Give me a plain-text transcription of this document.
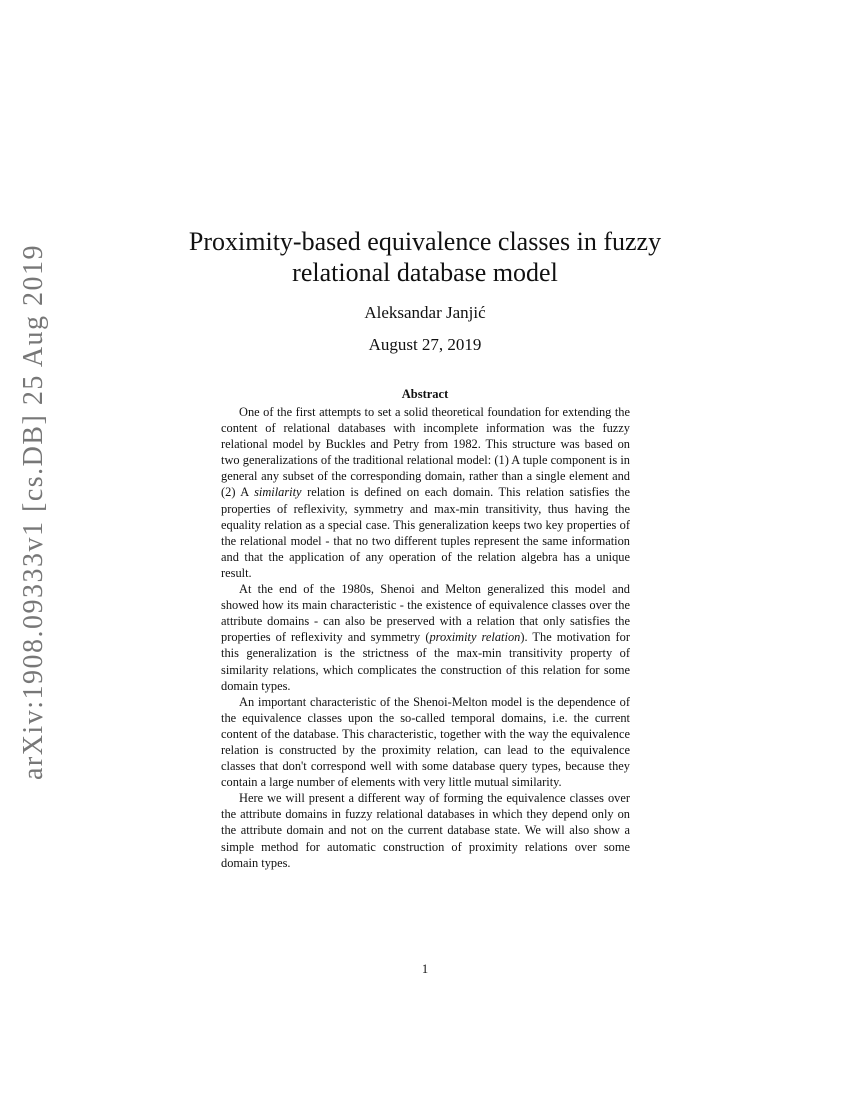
arXiv:1908.09333v1 [cs.DB] 25 Aug 2019
Proximity-based equivalence classes in fuzzy
relational database model
Aleksandar Janjić
August 27, 2019
Abstract

One of the first attempts to set a solid theoretical foundation for extending the content of relational databases with incomplete information was the fuzzy relational model by Buckles and Petry from 1982. This structure was based on two generalizations of the traditional relational model: (1) A tuple component is in general any subset of the corresponding domain, rather than a single element and (2) A similarity relation is defined on each domain. This relation satisfies the properties of reflexivity, symmetry and max-min transitivity, thus having the equality relation as a special case. This generalization keeps two key properties of the relational model - that no two different tuples represent the same information and that the application of any operation of the relation algebra has a unique result.

At the end of the 1980s, Shenoi and Melton generalized this model and showed how its main characteristic - the existence of equivalence classes over the attribute domains - can also be preserved with a relation that only satisfies the properties of reflexivity and symmetry (proximity relation). The motivation for this generalization is the strictness of the max-min transitivity property of similarity relations, which complicates the construction of this relation for some domain types.

An important characteristic of the Shenoi-Melton model is the dependence of the equivalence classes upon the so-called temporal domains, i.e. the current content of the database. This characteristic, together with the way the equivalence relation is constructed by the proximity relation, can lead to the equivalence classes that don't correspond well with some database query types, because they contain a large number of elements with very little mutual similarity.

Here we will present a different way of forming the equivalence classes over the attribute domains in fuzzy relational databases in which they depend only on the attribute domain and not on the current database state. We will also show a simple method for automatic construction of proximity relations over some domain types.

1
